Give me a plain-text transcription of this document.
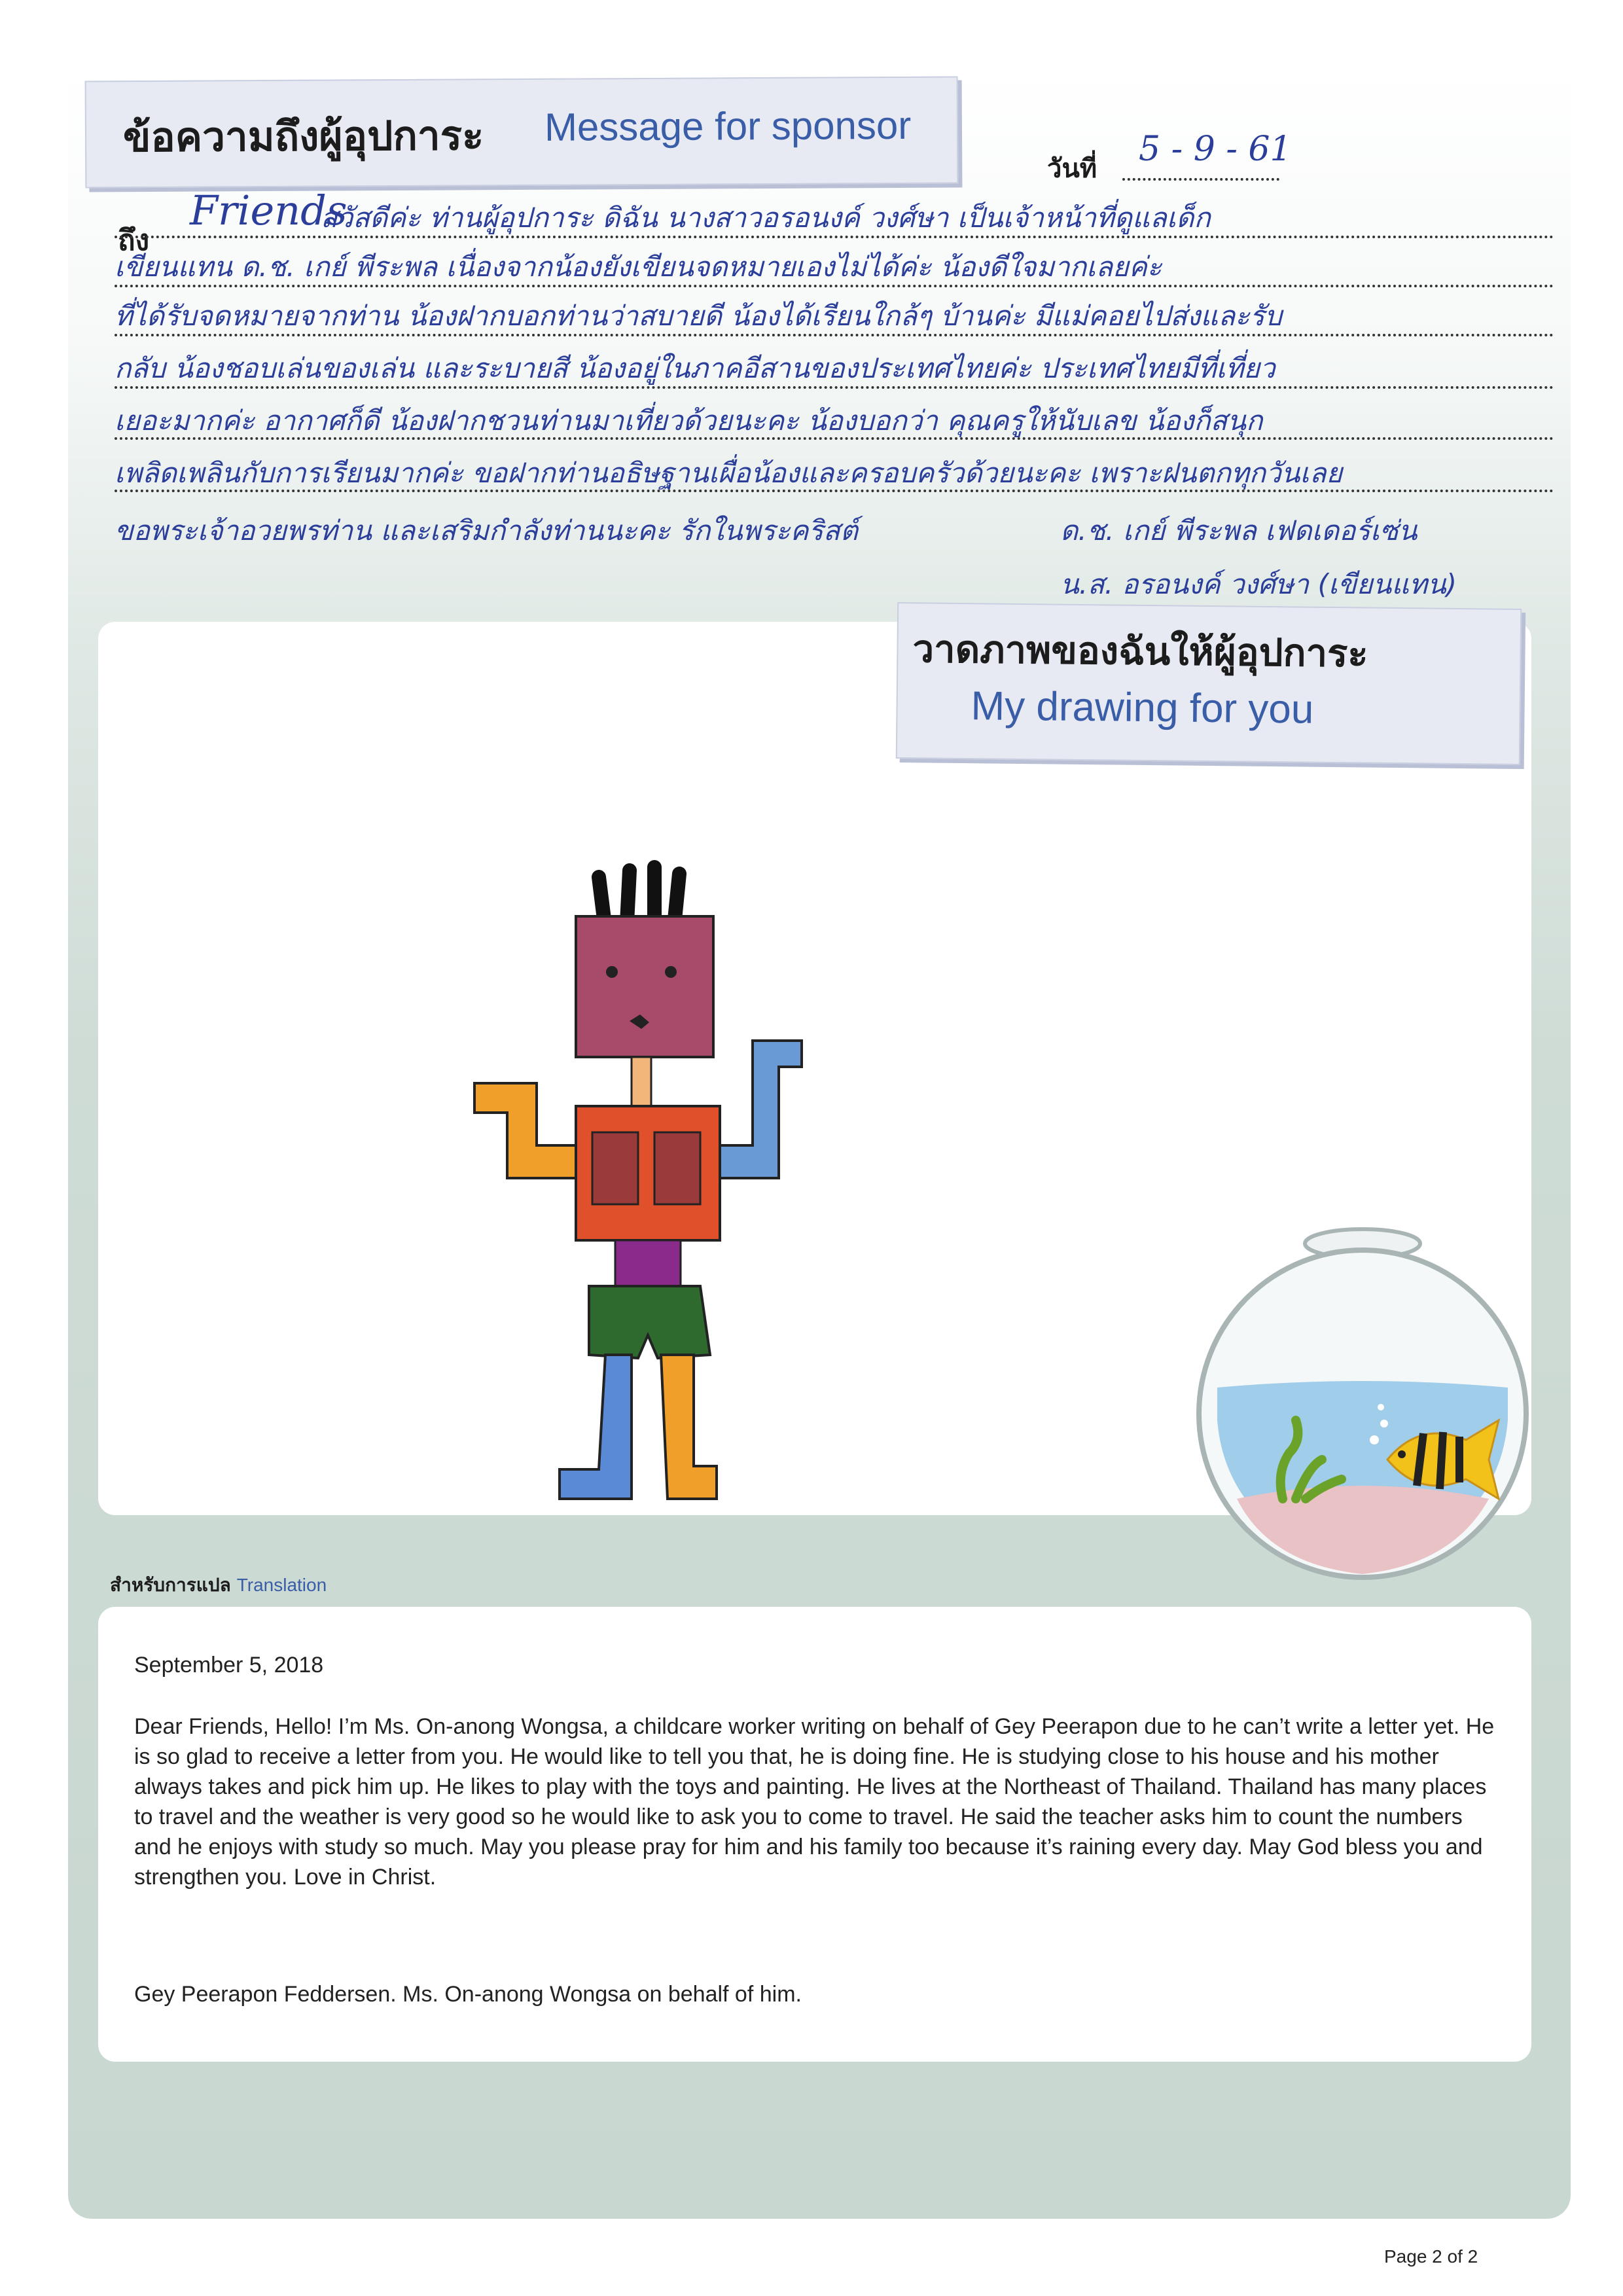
ข้อความถึงผู้อุปการะ Message for sponsor
วันที่ 5 - 9 - 61
ถึง
Friends
สวัสดีค่ะ ท่านผู้อุปการะ ดิฉัน นางสาวอรอนงค์ วงศ์ษา เป็นเจ้าหน้าที่ดูแลเด็ก
เขียนแทน ด.ช. เกย์ พีระพล เนื่องจากน้องยังเขียนจดหมายเองไม่ได้ค่ะ น้องดีใจมากเลยค่ะ
ที่ได้รับจดหมายจากท่าน น้องฝากบอกท่านว่าสบายดี น้องได้เรียนใกล้ๆ บ้านค่ะ มีแม่คอยไปส่งและรับ
กลับ น้องชอบเล่นของเล่น และระบายสี น้องอยู่ในภาคอีสานของประเทศไทยค่ะ ประเทศไทยมีที่เที่ยว
เยอะมากค่ะ อากาศก็ดี น้องฝากชวนท่านมาเที่ยวด้วยนะคะ น้องบอกว่า คุณครูให้นับเลข น้องก็สนุก
เพลิดเพลินกับการเรียนมากค่ะ ขอฝากท่านอธิษฐานเผื่อน้องและครอบครัวด้วยนะคะ เพราะฝนตกทุกวันเลย
ขอพระเจ้าอวยพรท่าน และเสริมกำลังท่านนะคะ รักในพระคริสต์	ด.ช. เกย์ พีระพล เฟดเดอร์เซ่น
น.ส. อรอนงค์ วงศ์ษา (เขียนแทน)
วาดภาพของฉันให้ผู้อุปการะ
My drawing for you
สำหรับการแปล Translation
September 5, 2018
Dear Friends, Hello! I’m Ms. On-anong Wongsa, a childcare worker writing on behalf of Gey Peerapon due to he can’t write a letter yet. He is so glad to receive a letter from you. He would like to tell you that, he is doing fine. He is studying close to his house and his mother always takes and pick him up. He likes to play with the toys and painting. He lives at the Northeast of Thailand. Thailand has many places to travel and the weather is very good so he would like to ask you to come to travel. He said the teacher asks him to count the numbers and he enjoys with study so much. May you please pray for him and his family too because it’s raining every day. May God bless you and strengthen you. Love in Christ.
Gey Peerapon Feddersen. Ms. On-anong Wongsa on behalf of him.
Page 2 of 2
